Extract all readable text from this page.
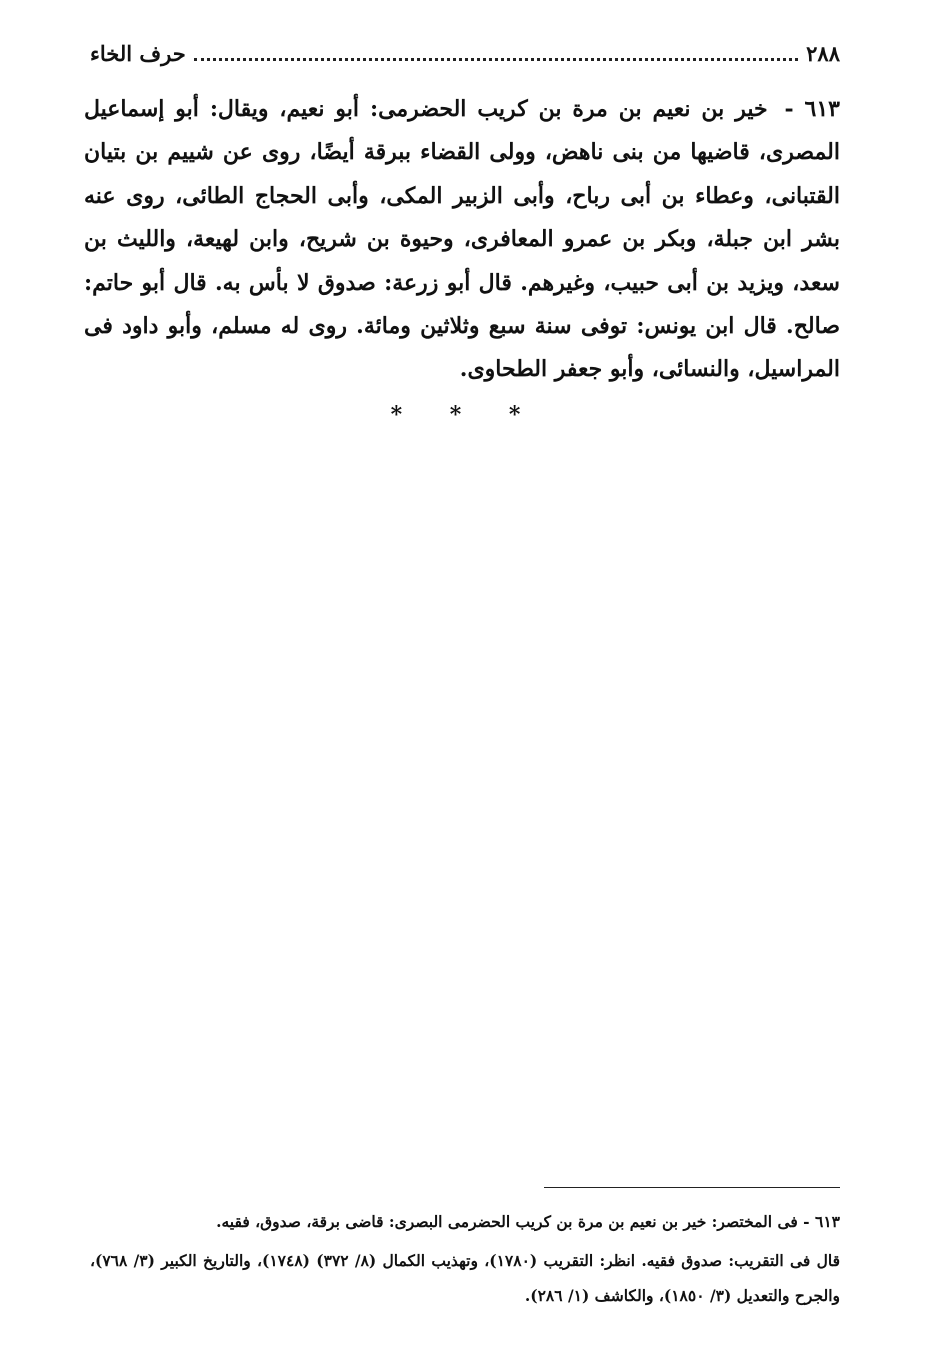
٢٨٨
حرف الخاء
٦١٣ - خير بن نعيم بن مرة بن كريب الحضرمى: أبو نعيم، ويقال: أبو إسماعيل المصرى، قاضيها من بنى ناهض، وولى القضاء ببرقة أيضًا، روى عن شييم بن بتيان القتبانى، وعطاء بن أبى رباح، وأبى الزبير المكى، وأبى الحجاج الطائى، روى عنه بشر ابن جبلة، وبكر بن عمرو المعافرى، وحيوة بن شريح، وابن لهيعة، والليث بن سعد، ويزيد بن أبى حبيب، وغيرهم. قال أبو زرعة: صدوق لا بأس به. قال أبو حاتم: صالح. قال ابن يونس: توفى سنة سبع وثلاثين ومائة. روى له مسلم، وأبو داود فى المراسيل، والنسائى، وأبو جعفر الطحاوى.
* * *

٦١٣ - فى المختصر: خير بن نعيم بن مرة بن كريب الحضرمى البصرى: قاضى برقة، صدوق، فقيه.

قال فى التقريب: صدوق فقيه. انظر: التقريب (١٧٨٠)، وتهذيب الكمال (٨/ ٣٧٢) (١٧٤٨)، والتاريخ الكبير (٣/ ٧٦٨)، والجرح والتعديل (٣/ ١٨٥٠)، والكاشف (١/ ٢٨٦).
